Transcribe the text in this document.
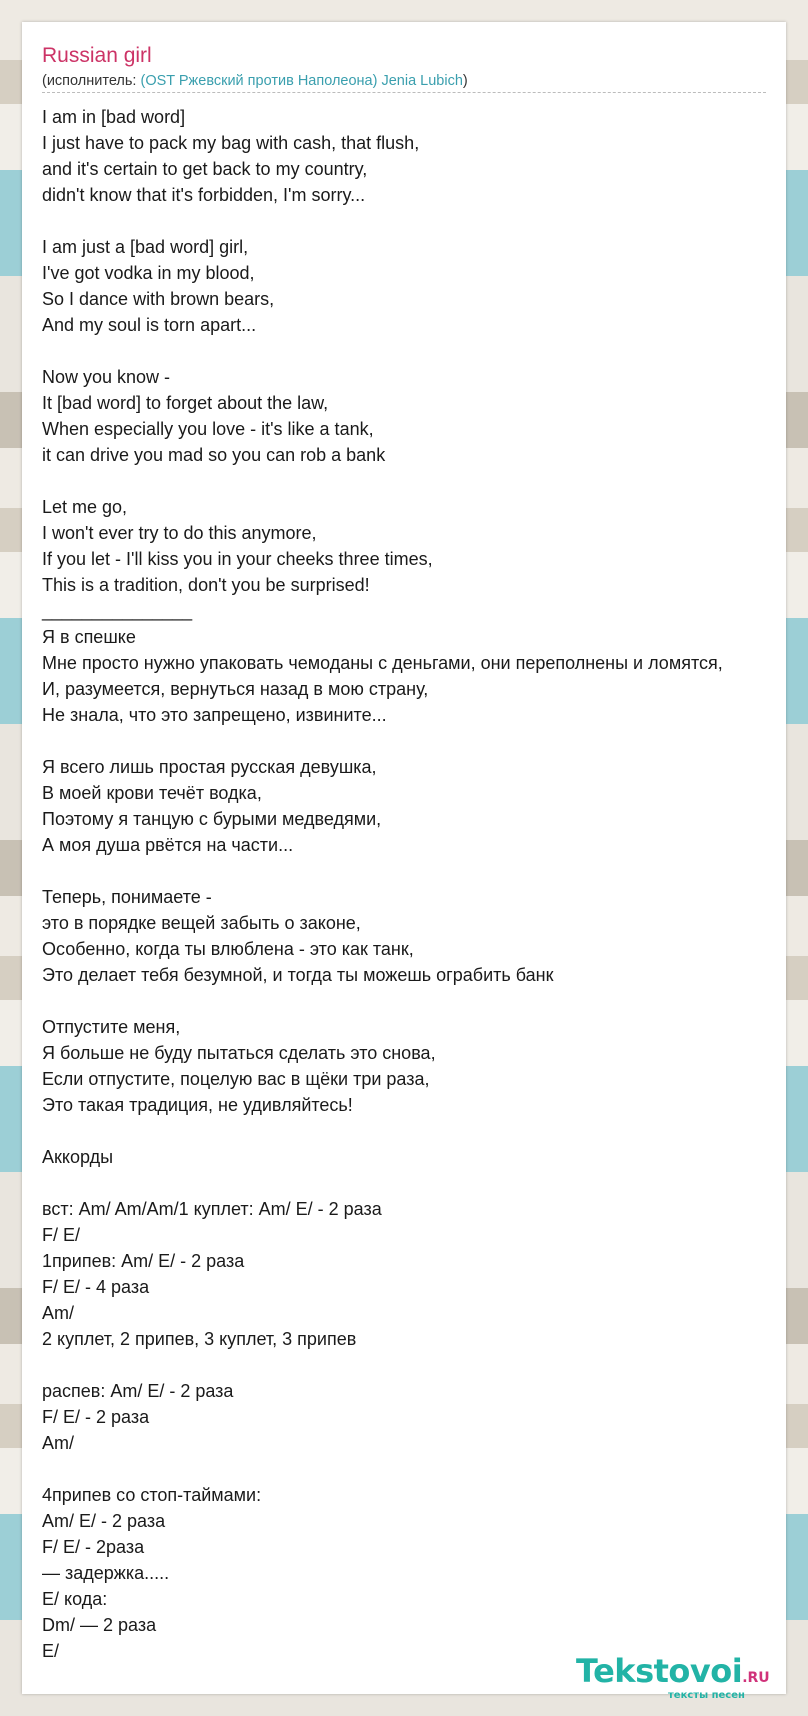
Russian girl
(исполнитель: (OST Ржевский против Наполеона) Jenia Lubich)
I am in [bad word]
I just have to pack my bag with cash, that flush,
and it's certain to get back to my country,
didn't know that it's forbidden, I'm sorry...
I am just a [bad word] girl,
I've got vodka in my blood,
So I dance with brown bears,
And my soul is torn apart...
Now you know -
It [bad word] to forget about the law,
When especially you love - it's like a tank,
it can drive you mad so you can rob a bank
Let me go,
I won't ever try to do this anymore,
If you let - I'll kiss you in your cheeks three times,
This is a tradition, don't you be surprised!
_______________
Я в спешке
Мне просто нужно упаковать чемоданы с деньгами, они переполнены и ломятся,
И, разумеется, вернуться назад в мою страну,
Не знала, что это запрещено, извините...
Я всего лишь простая русская девушка,
В моей крови течёт водка,
Поэтому я танцую с бурыми медведями,
А моя душа рвётся на части...
Теперь, понимаете -
это в порядке вещей забыть о законе,
Особенно, когда ты влюблена - это как танк,
Это делает тебя безумной, и тогда ты можешь ограбить банк
Отпустите меня,
Я больше не буду пытаться сделать это снова,
Если отпустите, поцелую вас в щёки три раза,
Это такая традиция, не удивляйтесь!
Аккорды
вст: Am/ Am/Am/1 куплет: Am/ E/ - 2 раза
F/ E/
1припев: Am/ E/ - 2 раза
F/ E/ - 4 раза
Am/
2 куплет, 2 припев, 3 куплет, 3 припев
распев: Am/ E/ - 2 раза
F/ E/ - 2 раза
Am/
4припев со стоп-таймами:
Am/ E/ - 2 раза
F/ E/ - 2раза
— задержка.....
E/ кода:
Dm/ — 2 раза
E/
Tekstovoi.RU
тексты песен
